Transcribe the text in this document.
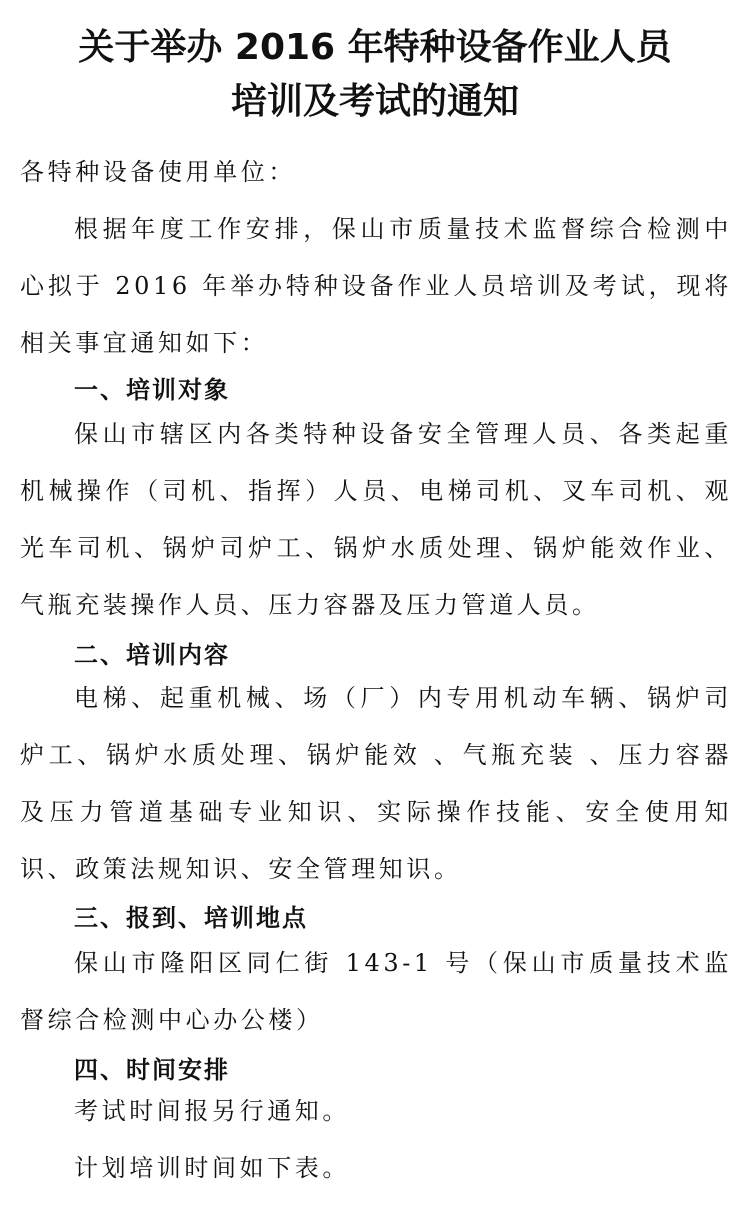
关于举办 2016 年特种设备作业人员
培训及考试的通知
各特种设备使用单位：
根据年度工作安排，保山市质量技术监督综合检测中心拟于 2016 年举办特种设备作业人员培训及考试，现将相关事宜通知如下：
一、培训对象
保山市辖区内各类特种设备安全管理人员、各类起重机械操作（司机、指挥）人员、电梯司机、叉车司机、观光车司机、锅炉司炉工、锅炉水质处理、锅炉能效作业、气瓶充装操作人员、压力容器及压力管道人员。
二、培训内容
电梯、起重机械、场（厂）内专用机动车辆、锅炉司炉工、锅炉水质处理、锅炉能效 、气瓶充装 、压力容器及压力管道基础专业知识、实际操作技能、安全使用知识、政策法规知识、安全管理知识。
三、报到、培训地点
保山市隆阳区同仁街 143-1 号（保山市质量技术监督综合检测中心办公楼）
四、时间安排
考试时间报另行通知。
计划培训时间如下表。
